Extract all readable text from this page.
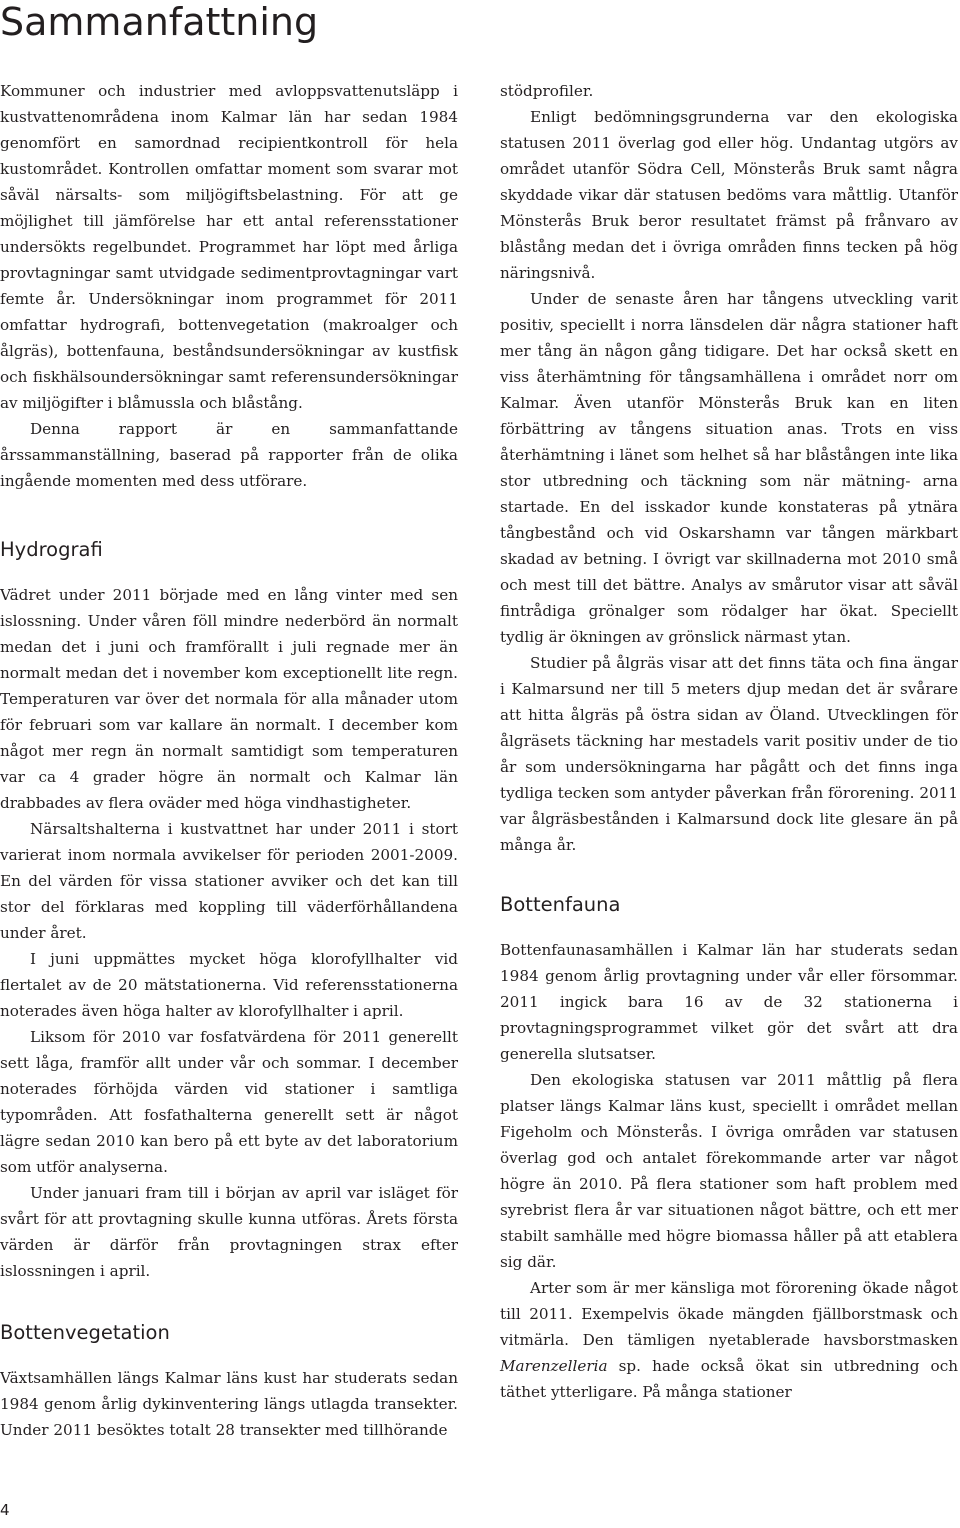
Sammanfattning

Kommuner och industrier med avloppsvattenutsläpp i kustvattenområdena inom Kalmar län har sedan 1984 genomfört en samordnad recipientkontroll för hela kustområdet. Kontrollen omfattar moment som svarar mot såväl närsalts- som miljögiftsbelastning. För att ge möjlighet till jämförelse har ett antal referensstationer undersökts regelbundet. Programmet har löpt med årliga provtagningar samt utvidgade sedimentprovtagningar vart femte år. Undersökningar inom programmet för 2011 omfattar hydrografi, bottenvegetation (makroalger och ålgräs), bottenfauna, beståndsundersökningar av kustfisk och fiskhälsoundersökningar samt referensundersökningar av miljögifter i blåmussla och blåstång.

Denna rapport är en sammanfattande årssammanställning, baserad på rapporter från de olika ingående momenten med dess utförare.

Hydrografi

Vädret under 2011 började med en lång vinter med sen islossning. Under våren föll mindre nederbörd än normalt medan det i juni och framförallt i juli regnade mer än normalt medan det i november kom exceptionellt lite regn. Temperaturen var över det normala för alla månader utom för februari som var kallare än normalt. I december kom något mer regn än normalt samtidigt som temperaturen var ca 4 grader högre än normalt och Kalmar län drabbades av flera oväder med höga vindhastigheter.

Närsaltshalterna i kustvattnet har under 2011 i stort varierat inom normala avvikelser för perioden 2001-2009. En del värden för vissa stationer avviker och det kan till stor del förklaras med koppling till väderförhållandena under året.

I juni uppmättes mycket höga klorofyllhalter vid flertalet av de 20 mätstationerna. Vid referensstationerna noterades även höga halter av klorofyllhalter i april.

Liksom för 2010 var fosfatvärdena för 2011 generellt sett låga, framför allt under vår och sommar. I december noterades förhöjda värden vid stationer i samtliga typområden. Att fosfathalterna generellt sett är något lägre sedan 2010 kan bero på ett byte av det laboratorium som utför analyserna.

Under januari fram till i början av april var isläget för svårt för att provtagning skulle kunna utföras. Årets första värden är därför från provtagningen strax efter islossningen i april.

Bottenvegetation

Växtsamhällen längs Kalmar läns kust har studerats sedan 1984 genom årlig dykinventering längs utlagda transekter. Under 2011 besöktes totalt 28 transekter med tillhörande

stödprofiler.

Enligt bedömningsgrunderna var den ekologiska statusen 2011 överlag god eller hög. Undantag utgörs av området utanför Södra Cell, Mönsterås Bruk samt några skyddade vikar där statusen bedöms vara måttlig. Utanför Mönsterås Bruk beror resultatet främst på frånvaro av blåstång medan det i övriga områden finns tecken på hög näringsnivå.

Under de senaste åren har tångens utveckling varit positiv, speciellt i norra länsdelen där några stationer haft mer tång än någon gång tidigare. Det har också skett en viss återhämtning för tångsamhällena i området norr om Kalmar. Även utanför Mönsterås Bruk kan en liten förbättring av tångens situation anas. Trots en viss återhämtning i länet som helhet så har blåstången inte lika stor utbredning och täckning som när mätning- arna startade. En del isskador kunde konstateras på ytnära tångbestånd och vid Oskarshamn var tången märkbart skadad av betning. I övrigt var skillnaderna mot 2010 små och mest till det bättre. Analys av smårutor visar att såväl fintrådiga grönalger som rödalger har ökat. Speciellt tydlig är ökningen av grönslick närmast ytan.

Studier på ålgräs visar att det finns täta och fina ängar i Kalmarsund ner till 5 meters djup medan det är svårare att hitta ålgräs på östra sidan av Öland. Utvecklingen för ålgräsets täckning har mestadels varit positiv under de tio år som undersökningarna har pågått och det finns inga tydliga tecken som antyder påverkan från förorening. 2011 var ålgräsbestånden i Kalmarsund dock lite glesare än på många år.

Bottenfauna

Bottenfaunasamhällen i Kalmar län har studerats sedan 1984 genom årlig provtagning under vår eller försommar. 2011 ingick bara 16 av de 32 stationerna i provtagningsprogrammet vilket gör det svårt att dra generella slutsatser.

Den ekologiska statusen var 2011 måttlig på flera platser längs Kalmar läns kust, speciellt i området mellan Figeholm och Mönsterås. I övriga områden var statusen överlag god och antalet förekommande arter var något högre än 2010. På flera stationer som haft problem med syrebrist flera år var situationen något bättre, och ett mer stabilt samhälle med högre biomassa håller på att etablera sig där.

Arter som är mer känsliga mot förorening ökade något till 2011. Exempelvis ökade mängden fjällborstmask och vitmärla. Den tämligen nyetablerade havsborstmasken Marenzelleria sp. hade också ökat sin utbredning och täthet ytterligare. På många stationer

4
